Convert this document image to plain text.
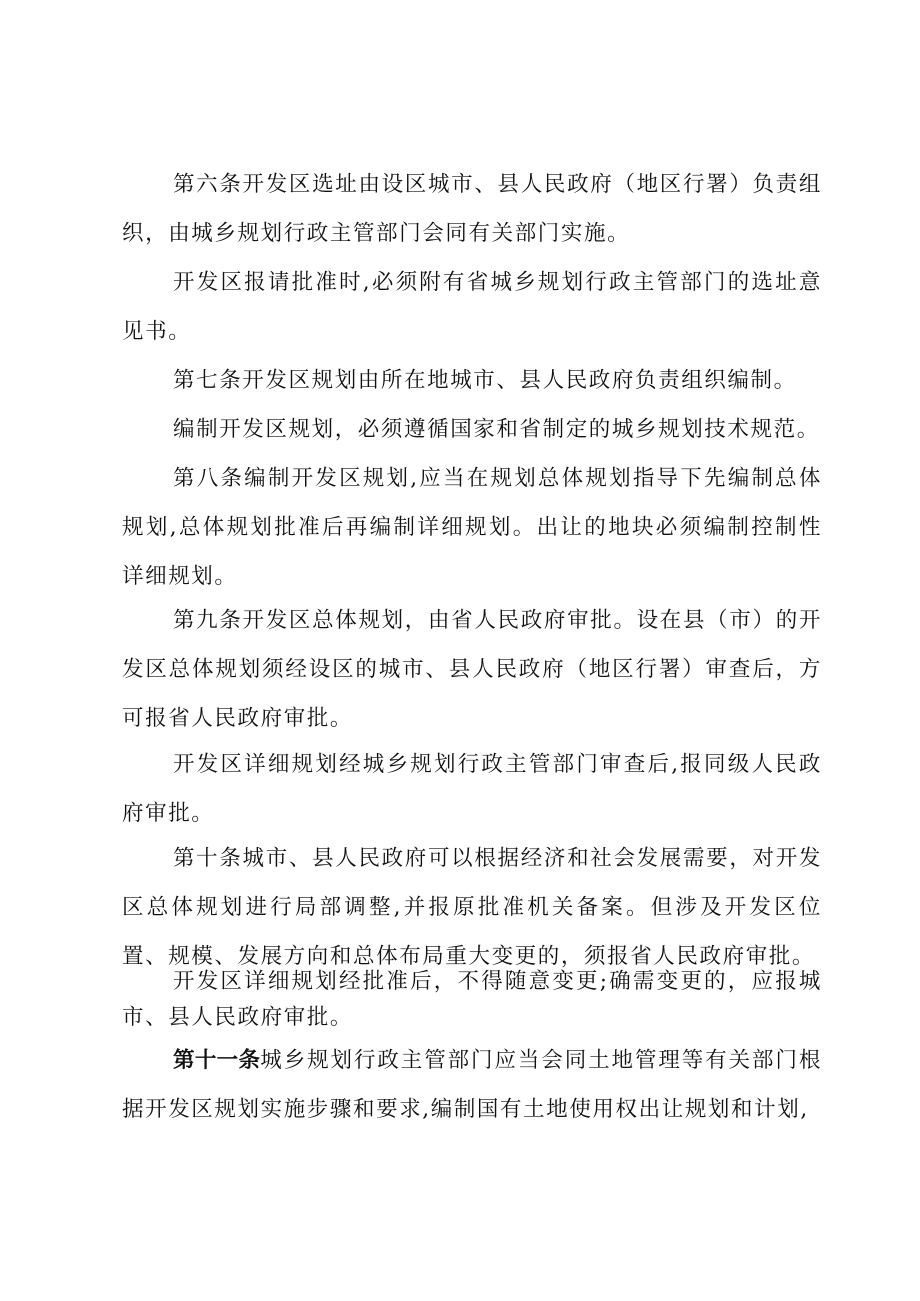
第六条开发区选址由设区城市、县人民政府（地区行署）负责组织，由城乡规划行政主管部门会同有关部门实施。

开发区报请批准时,必须附有省城乡规划行政主管部门的选址意见书。

第七条开发区规划由所在地城市、县人民政府负责组织编制。

编制开发区规划，必须遵循国家和省制定的城乡规划技术规范。

第八条编制开发区规划,应当在规划总体规划指导下先编制总体规划,总体规划批准后再编制详细规划。出让的地块必须编制控制性详细规划。

第九条开发区总体规划，由省人民政府审批。设在县（市）的开发区总体规划须经设区的城市、县人民政府（地区行署）审查后，方可报省人民政府审批。

开发区详细规划经城乡规划行政主管部门审查后,报同级人民政府审批。

第十条城市、县人民政府可以根据经济和社会发展需要，对开发区总体规划进行局部调整,并报原批准机关备案。但涉及开发区位置、规模、发展方向和总体布局重大变更的，须报省人民政府审批。

开发区详细规划经批准后，不得随意变更;确需变更的，应报城市、县人民政府审批。

第十一条城乡规划行政主管部门应当会同土地管理等有关部门根据开发区规划实施步骤和要求,编制国有土地使用权出让规划和计划,
